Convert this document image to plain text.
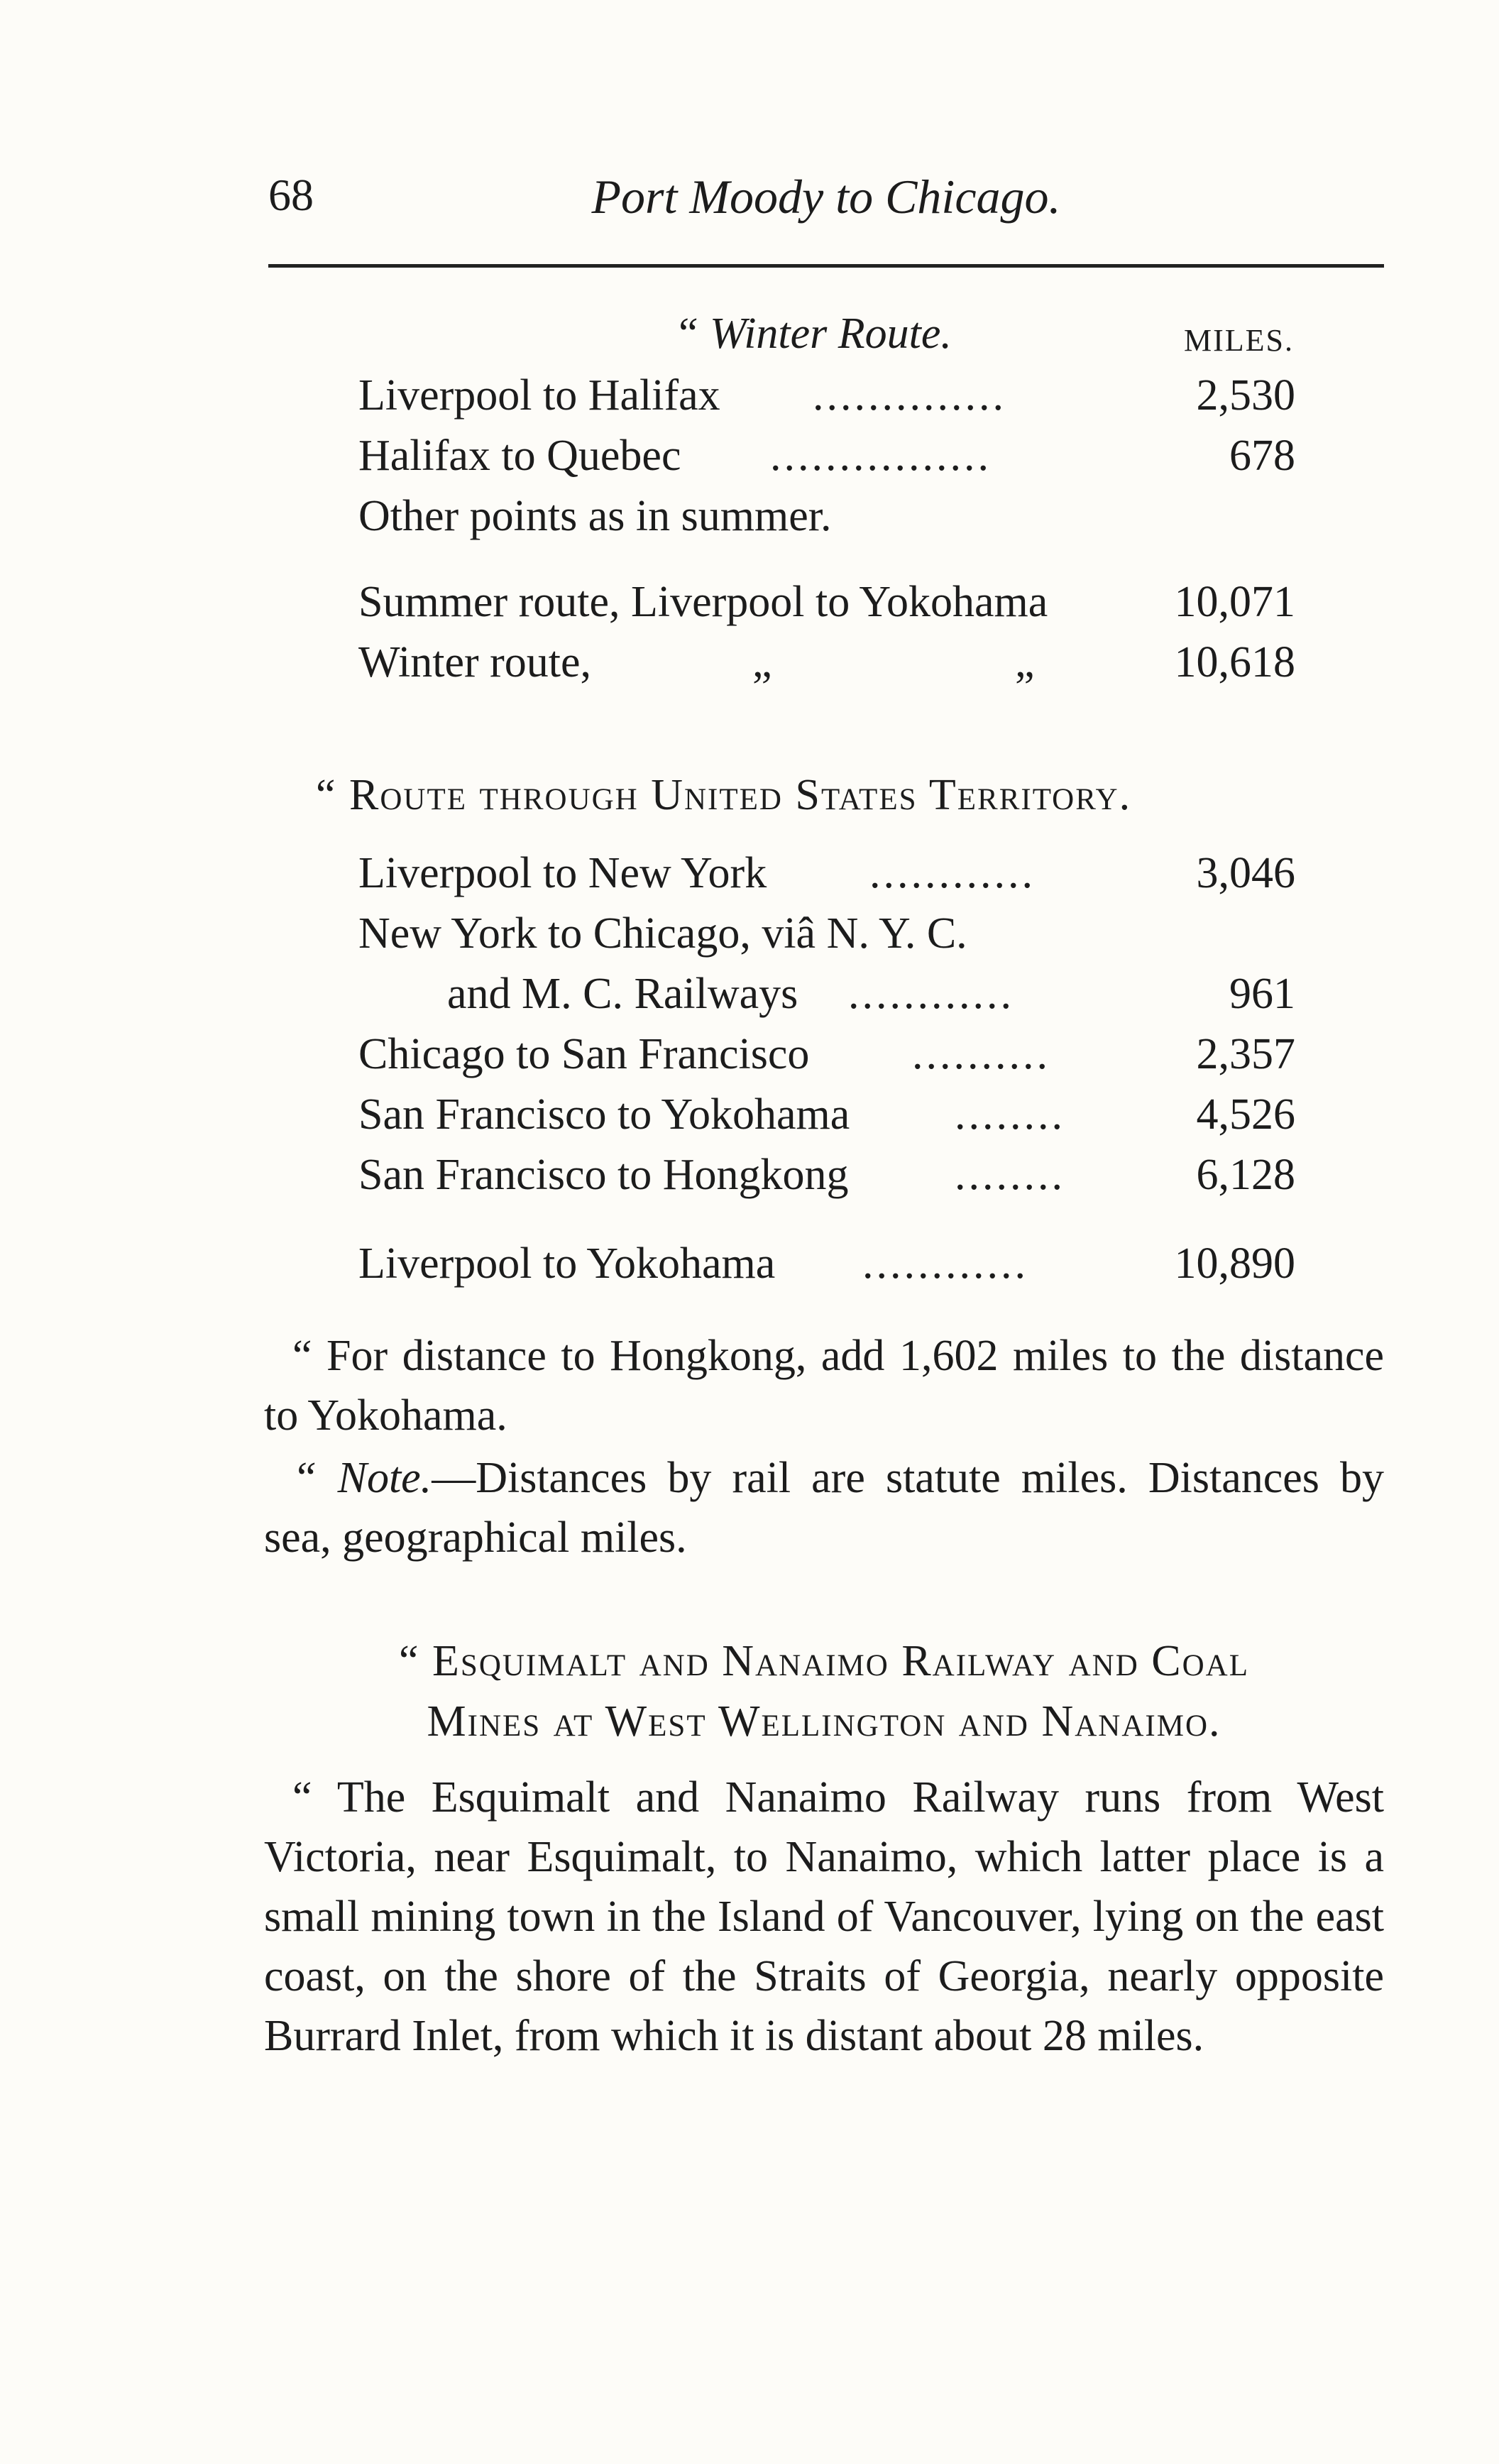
68	Port Moody to Chicago.
“ Winter Route.	MILES.
Liverpool to Halifax ..............	2,530
Halifax to Quebec ................	678
Other points as in summer.
Summer route, Liverpool to Yokohama	10,071
Winter route,	„	„	10,618
“ Route through United States Territory.
Liverpool to New York ............	3,046
New York to Chicago, viâ N. Y. C.
and M. C. Railways ............	961
Chicago to San Francisco ..........	2,357
San Francisco to Yokohama ........	4,526
San Francisco to Hongkong ........	6,128
Liverpool to Yokohama ............	10,890
“ For distance to Hongkong, add 1,602 miles to the distance to Yokohama.
“ Note.—Distances by rail are statute miles. Distances by sea, geographical miles.
“ Esquimalt and Nanaimo Railway and Coal
Mines at West Wellington and Nanaimo.
“ The Esquimalt and Nanaimo Railway runs from West Victoria, near Esquimalt, to Nanaimo, which latter place is a small mining town in the Island of Vancouver, lying on the east coast, on the shore of the Straits of Georgia, nearly opposite Burrard Inlet, from which it is distant about 28 miles.
